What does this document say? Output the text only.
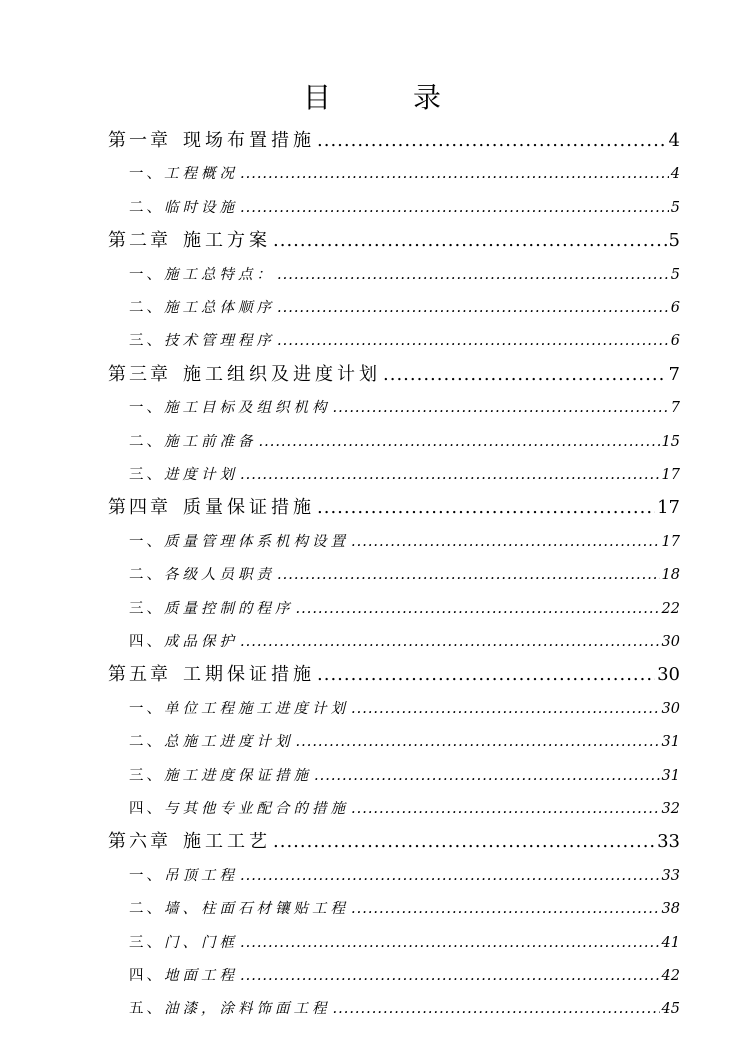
目	录
第一章 现场布置措施 .....	4
一、 工程概况 .....	4
二、 临时设施 .....	5
第二章 施工方案 .....	5
一、 施工总特点： .....	5
二、 施工总体顺序 .....	6
三、 技术管理程序 .....	6
第三章 施工组织及进度计划 .....	7
一、 施工目标及组织机构 .....	7
二、 施工前准备 .....	15
三、 进度计划 .....	17
第四章 质量保证措施 .....	17
一、 质量管理体系机构设置 .....	17
二、 各级人员职责 .....	18
三、 质量控制的程序 .....	22
四、 成品保护 .....	30
第五章 工期保证措施 .....	30
一、 单位工程施工进度计划 .....	30
二、 总施工进度计划 .....	31
三、 施工进度保证措施 .....	31
四、 与其他专业配合的措施 .....	32
第六章 施工工艺 .....	33
一、 吊顶工程 .....	33
二、 墙、柱面石材镶贴工程 .....	38
三、 门、门框 .....	41
四、 地面工程 .....	42
五、 油漆，涂料饰面工程 .....	45
